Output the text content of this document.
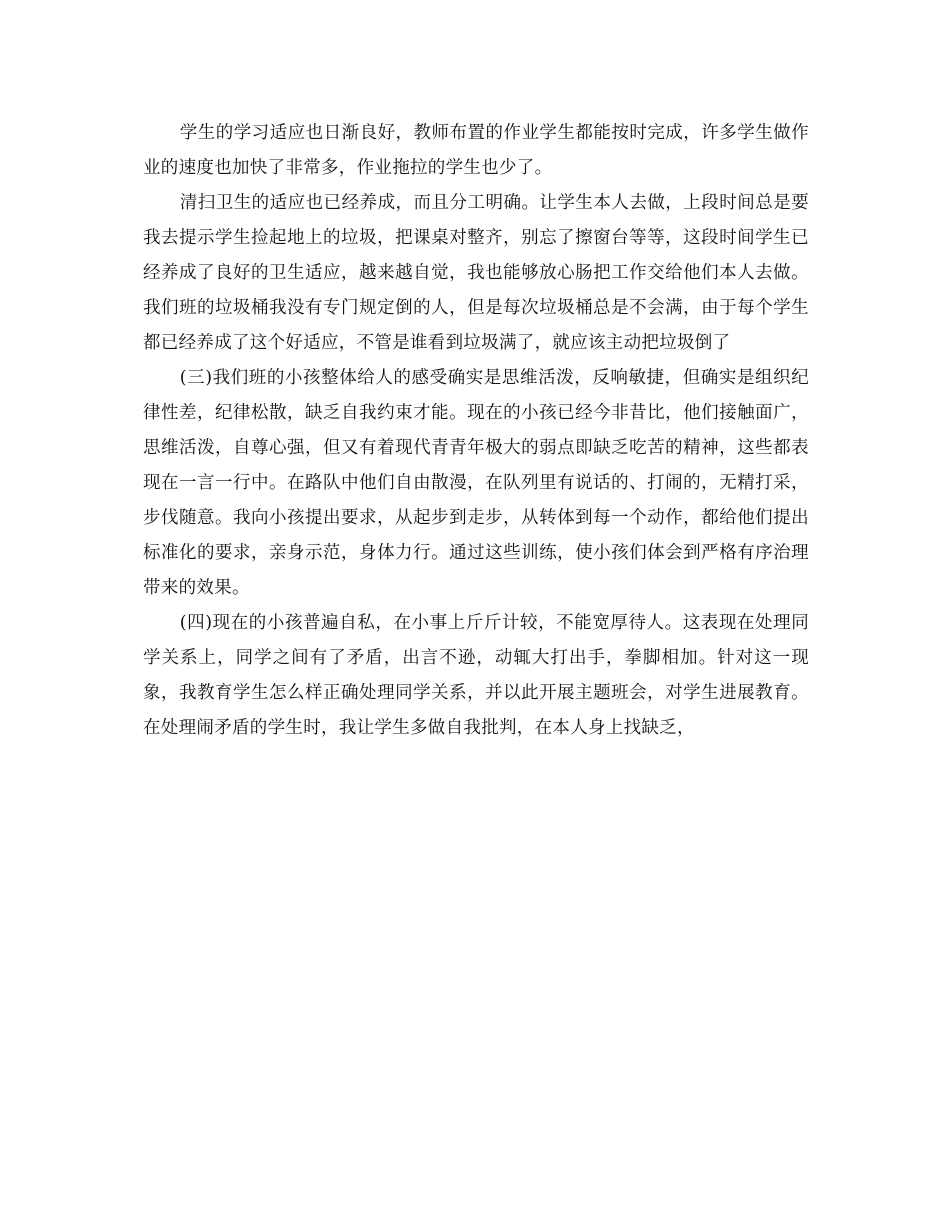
学生的学习适应也日渐良好，教师布置的作业学生都能按时完成，许多学生做作业的速度也加快了非常多，作业拖拉的学生也少了。

清扫卫生的适应也已经养成，而且分工明确。让学生本人去做，上段时间总是要我去提示学生捡起地上的垃圾，把课桌对整齐，别忘了擦窗台等等，这段时间学生已经养成了良好的卫生适应，越来越自觉，我也能够放心肠把工作交给他们本人去做。我们班的垃圾桶我没有专门规定倒的人，但是每次垃圾桶总是不会满，由于每个学生都已经养成了这个好适应，不管是谁看到垃圾满了，就应该主动把垃圾倒了

(三)我们班的小孩整体给人的感受确实是思维活泼，反响敏捷，但确实是组织纪律性差，纪律松散，缺乏自我约束才能。现在的小孩已经今非昔比，他们接触面广，思维活泼，自尊心强，但又有着现代青青年极大的弱点即缺乏吃苦的精神，这些都表现在一言一行中。在路队中他们自由散漫，在队列里有说话的、打闹的，无精打采，步伐随意。我向小孩提出要求，从起步到走步，从转体到每一个动作，都给他们提出标准化的要求，亲身示范，身体力行。通过这些训练，使小孩们体会到严格有序治理带来的效果。

(四)现在的小孩普遍自私，在小事上斤斤计较，不能宽厚待人。这表现在处理同学关系上，同学之间有了矛盾，出言不逊，动辄大打出手，拳脚相加。针对这一现象，我教育学生怎么样正确处理同学关系，并以此开展主题班会，对学生进展教育。在处理闹矛盾的学生时，我让学生多做自我批判，在本人身上找缺乏，
